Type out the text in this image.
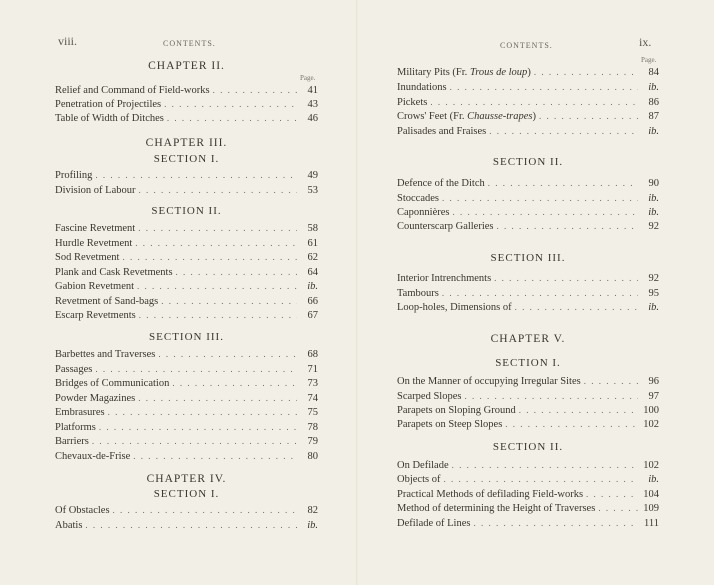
viii.	CONTENTS.
CHAPTER II.
Page.
Relief and Command of Field-works . . .	41
Penetration of Projectiles . . .	43
Table of Width of Ditches . . .	46
CHAPTER III.
SECTION I.
Profiling . . .	49
Division of Labour . . .	53
SECTION II.
Fascine Revetment . . .	58
Hurdle Revetment . . .	61
Sod Revetment . . .	62
Plank and Cask Revetments . . .	64
Gabion Revetment . . .	ib.
Revetment of Sand-bags . . .	66
Escarp Revetments . . .	67
SECTION III.
Barbettes and Traverses . . .	68
Passages . . .	71
Bridges of Communication . . .	73
Powder Magazines . . .	74
Embrasures . . .	75
Platforms . . .	78
Barriers . . .	79
Chevaux-de-Frise . . .	80
CHAPTER IV.
SECTION I.
Of Obstacles . . .	82
Abatis . . .	ib.
CONTENTS.	ix.
Page.
Military Pits (Fr. Trous de loup) . . .	84
Inundations . . .	ib.
Pickets . . .	86
Crows' Feet (Fr. Chausse-trapes) . . .	87
Palisades and Fraises . . .	ib.
SECTION II.
Defence of the Ditch . . .	90
Stoccades . . .	ib.
Caponnières . . .	ib.
Counterscarp Galleries . . .	92
SECTION III.
Interior Intrenchments . . .	92
Tambours . . .	95
Loop-holes, Dimensions of . . .	ib.
CHAPTER V.
SECTION I.
On the Manner of occupying Irregular Sites . . .	96
Scarped Slopes . . .	97
Parapets on Sloping Ground . . .	100
Parapets on Steep Slopes . . .	102
SECTION II.
On Defilade . . .	102
Objects of . . .	ib.
Practical Methods of defilading Field-works . . .	104
Method of determining the Height of Traverses . . .	109
Defilade of Lines . . .	111
